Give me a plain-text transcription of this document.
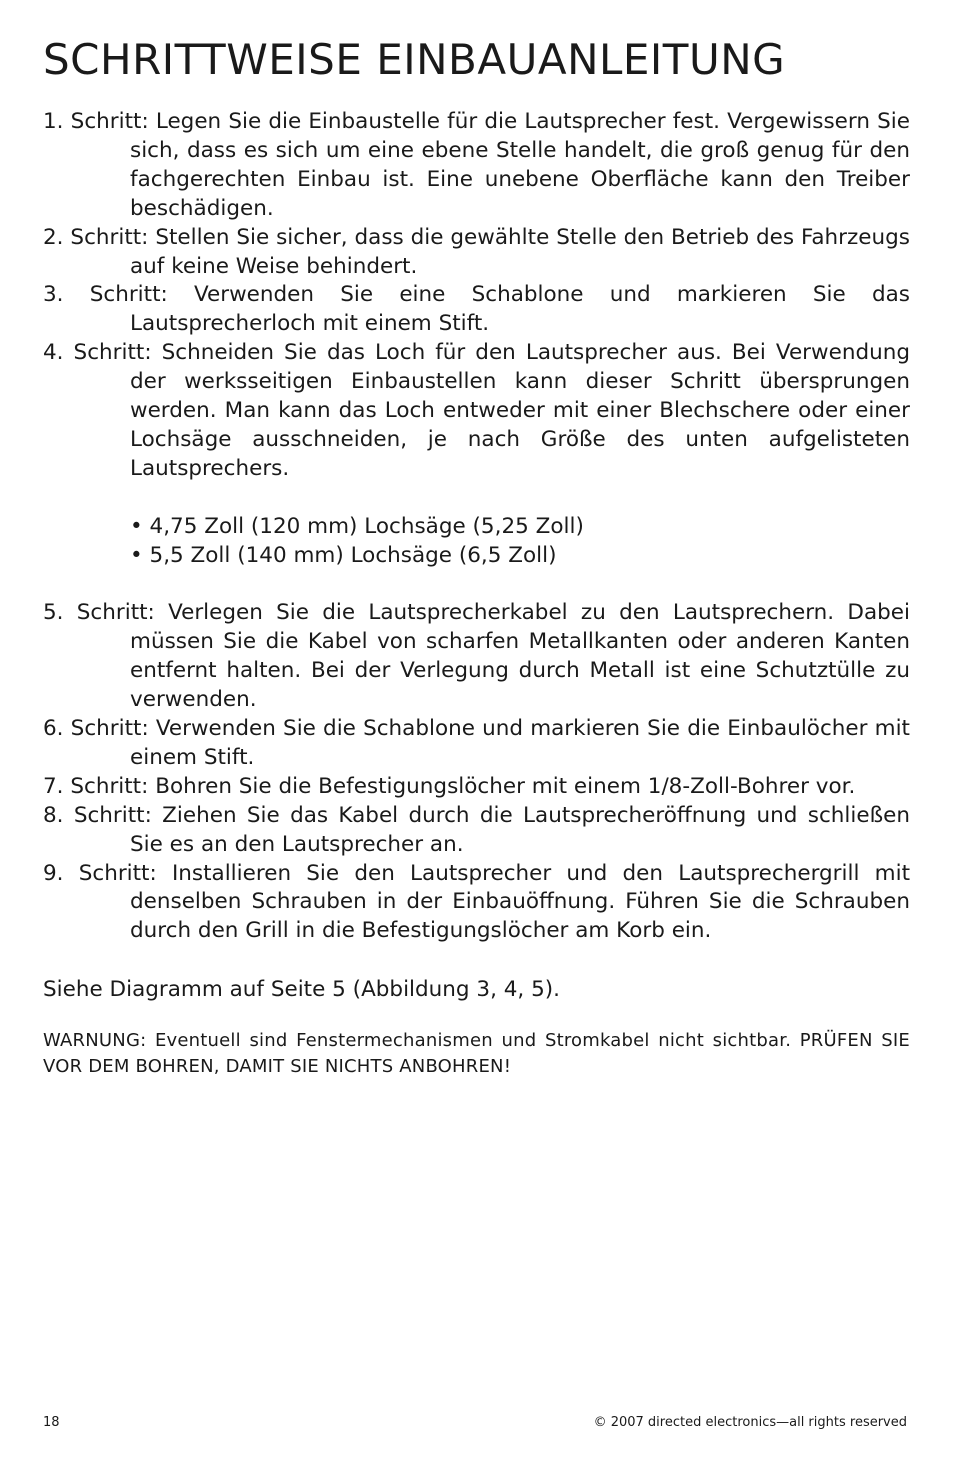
SCHRITTWEISE EINBAUANLEITUNG
1. Schritt: Legen Sie die Einbaustelle für die Lautsprecher fest. Vergewissern Sie sich, dass es sich um eine ebene Stelle handelt, die groß genug für den fachgerechten Einbau ist. Eine unebene Oberfläche kann den Treiber beschädigen.
2. Schritt: Stellen Sie sicher, dass die gewählte Stelle den Betrieb des Fahrzeugs auf keine Weise behindert.
3. Schritt: Verwenden Sie eine Schablone und markieren Sie das Lautsprecherloch mit einem Stift.
4. Schritt: Schneiden Sie das Loch für den Lautsprecher aus. Bei Verwendung der werksseitigen Einbaustellen kann dieser Schritt übersprungen werden. Man kann das Loch entweder mit einer Blechschere oder einer Lochsäge ausschneiden, je nach Größe des unten aufgelisteten Lautsprechers.
• 4,75 Zoll (120 mm) Lochsäge (5,25 Zoll)
• 5,5 Zoll (140 mm) Lochsäge (6,5 Zoll)
5. Schritt: Verlegen Sie die Lautsprecherkabel zu den Lautsprechern. Dabei müssen Sie die Kabel von scharfen Metallkanten oder anderen Kanten entfernt halten. Bei der Verlegung durch Metall ist eine Schutztülle zu verwenden.
6. Schritt: Verwenden Sie die Schablone und markieren Sie die Einbaulöcher mit einem Stift.
7. Schritt: Bohren Sie die Befestigungslöcher mit einem 1/8-Zoll-Bohrer vor.
8. Schritt: Ziehen Sie das Kabel durch die Lautsprecheröffnung und schließen Sie es an den Lautsprecher an.
9. Schritt: Installieren Sie den Lautsprecher und den Lautsprechergrill mit denselben Schrauben in der Einbauöffnung. Führen Sie die Schrauben durch den Grill in die Befestigungslöcher am Korb ein.
Siehe Diagramm auf Seite 5 (Abbildung 3, 4, 5).
WARNUNG: Eventuell sind Fenstermechanismen und Stromkabel nicht sichtbar. PRÜFEN SIE VOR DEM BOHREN, DAMIT SIE NICHTS ANBOHREN!
18	© 2007 directed electronics—all rights reserved
